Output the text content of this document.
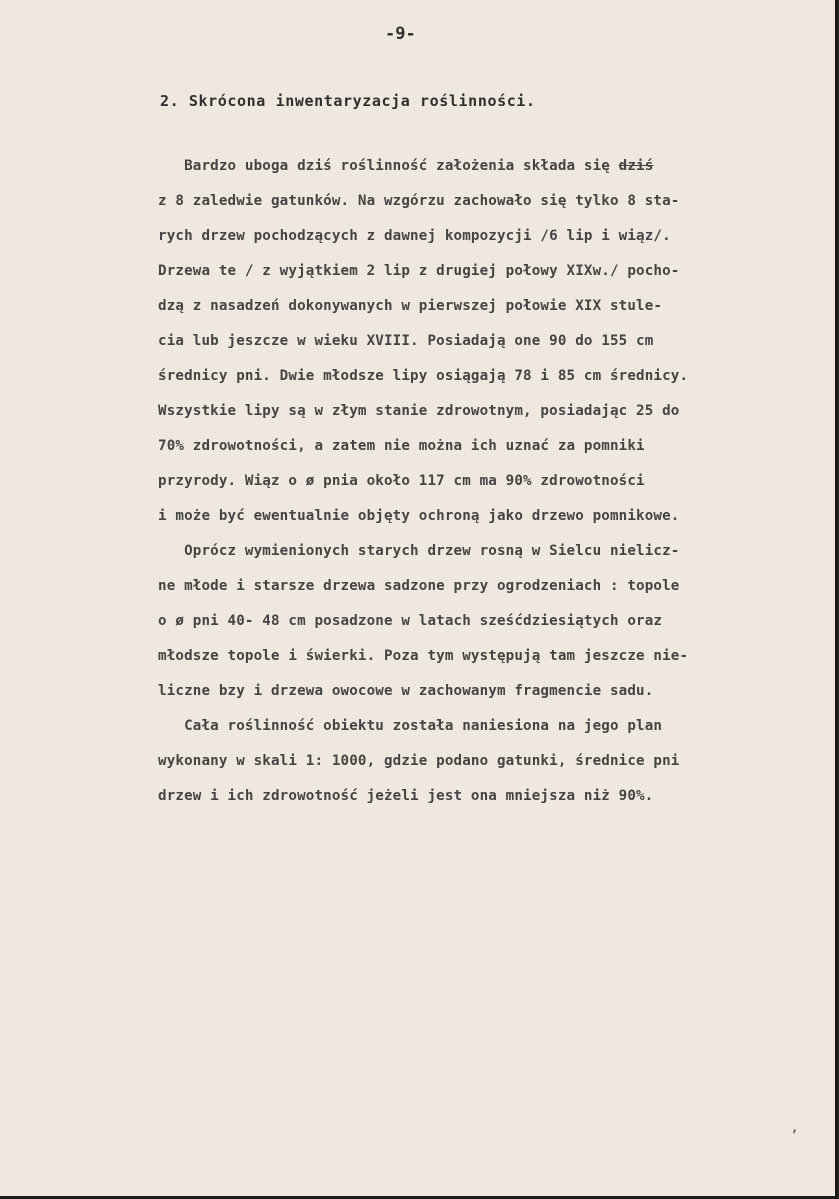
-9-
2. Skrócona inwentaryzacja roślinności.
Bardzo uboga dziś roślinność założenia składa się dziś
z 8 zaledwie gatunków. Na wzgórzu zachowało się tylko 8 sta-
rych drzew pochodzących z dawnej kompozycji /6 lip i wiąz/.
Drzewa te / z wyjątkiem 2 lip z drugiej połowy XIXw./ pocho-
dzą z nasadzeń dokonywanych w pierwszej połowie XIX stule-
cia lub jeszcze w wieku XVIII. Posiadają one 90 do 155 cm
średnicy pni. Dwie młodsze lipy osiągają 78 i 85 cm średnicy.
Wszystkie lipy są w złym stanie zdrowotnym, posiadając 25 do
70% zdrowotności, a zatem nie można ich uznać za pomniki
przyrody. Wiąz o ø pnia około 117 cm ma 90% zdrowotności
i może być ewentualnie objęty ochroną jako drzewo pomnikowe.
Oprócz wymienionych starych drzew rosną w Sielcu nielicz-
ne młode i starsze drzewa sadzone przy ogrodzeniach : topole
o ø pni 40- 48 cm posadzone w latach sześćdziesiątych oraz
młodsze topole i świerki. Poza tym występują tam jeszcze nie-
liczne bzy i drzewa owocowe w zachowanym fragmencie sadu.
Cała roślinność obiektu została naniesiona na jego plan
wykonany w skali 1: 1000, gdzie podano gatunki, średnice pni
drzew i ich zdrowotność jeżeli jest ona mniejsza niż 90%.
ʼ
